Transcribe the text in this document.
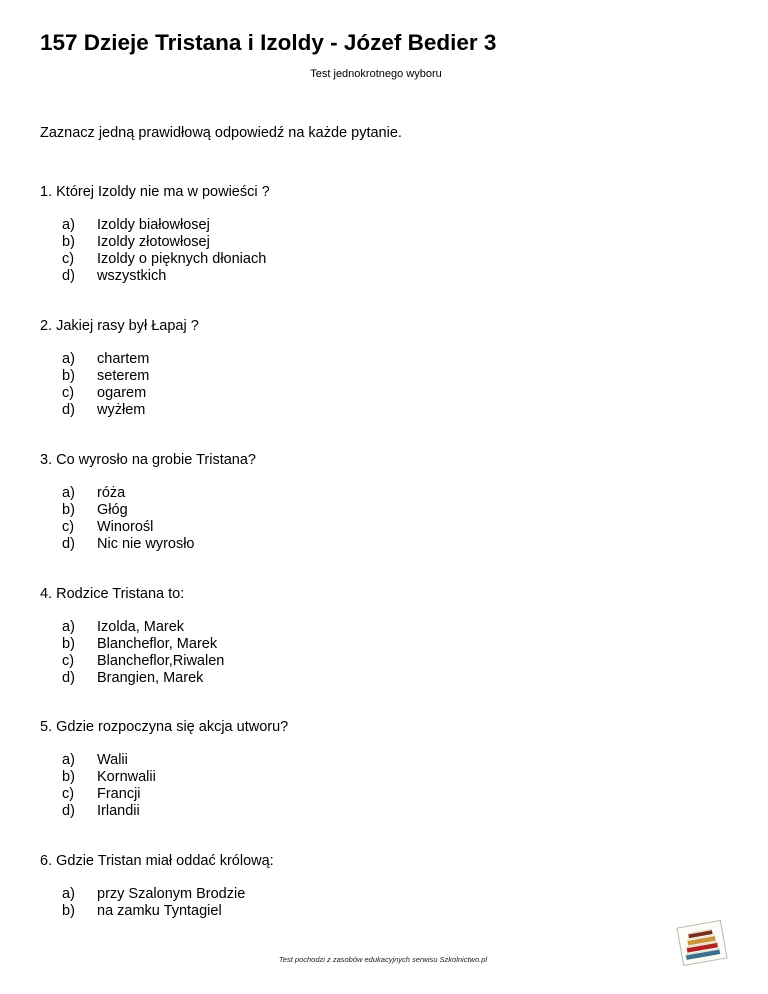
157 Dzieje Tristana i Izoldy - Józef Bedier 3
Test jednokrotnego wyboru
Zaznacz jedną prawidłową odpowiedź na każde pytanie.
1. Której Izoldy nie ma w powieści ?
a)	Izoldy białowłosej
b)	Izoldy złotowłosej
c)	Izoldy o pięknych dłoniach
d)	wszystkich
2. Jakiej rasy był Łapaj ?
a)	chartem
b)	seterem
c)	ogarem
d)	wyżłem
3. Co wyrosło na grobie Tristana?
a)	róża
b)	Głóg
c)	Winorośl
d)	Nic nie wyrosło
4. Rodzice Tristana to:
a)	Izolda, Marek
b)	Blancheflor, Marek
c)	Blancheflor,Riwalen
d)	Brangien, Marek
5. Gdzie rozpoczyna się akcja utworu?
a)	Walii
b)	Kornwalii
c)	Francji
d)	Irlandii
6. Gdzie Tristan miał oddać królową:
a)	przy Szalonym Brodzie
b)	na zamku Tyntagiel
Test pochodzi z zasobów edukacyjnych serwisu Szkolnictwo.pl
